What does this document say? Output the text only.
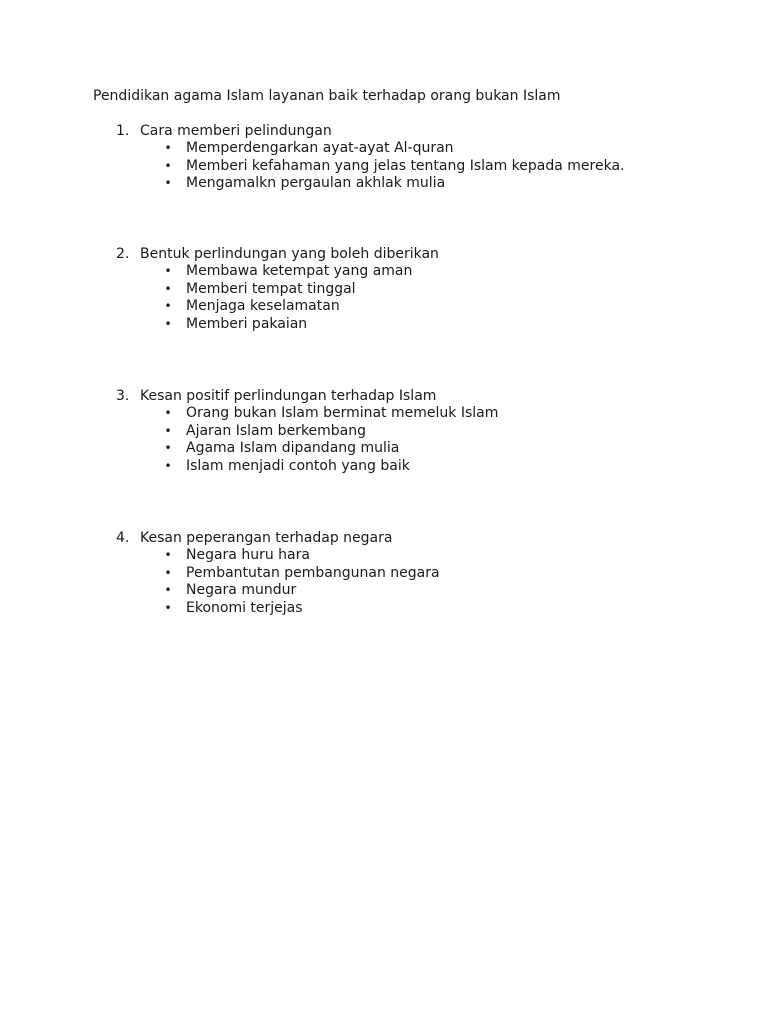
Pendidikan agama Islam layanan baik terhadap orang bukan Islam
1. Cara memberi pelindungan
• Memperdengarkan ayat-ayat Al-quran
• Memberi kefahaman yang jelas tentang Islam kepada mereka.
• Mengamalkn pergaulan akhlak mulia
2. Bentuk perlindungan yang boleh diberikan
• Membawa ketempat yang aman
• Memberi tempat tinggal
• Menjaga keselamatan
• Memberi pakaian
3. Kesan positif perlindungan terhadap Islam
• Orang bukan Islam berminat memeluk Islam
• Ajaran Islam berkembang
• Agama Islam dipandang mulia
• Islam menjadi contoh yang baik
4. Kesan peperangan terhadap negara
• Negara huru hara
• Pembantutan pembangunan negara
• Negara mundur
• Ekonomi terjejas
